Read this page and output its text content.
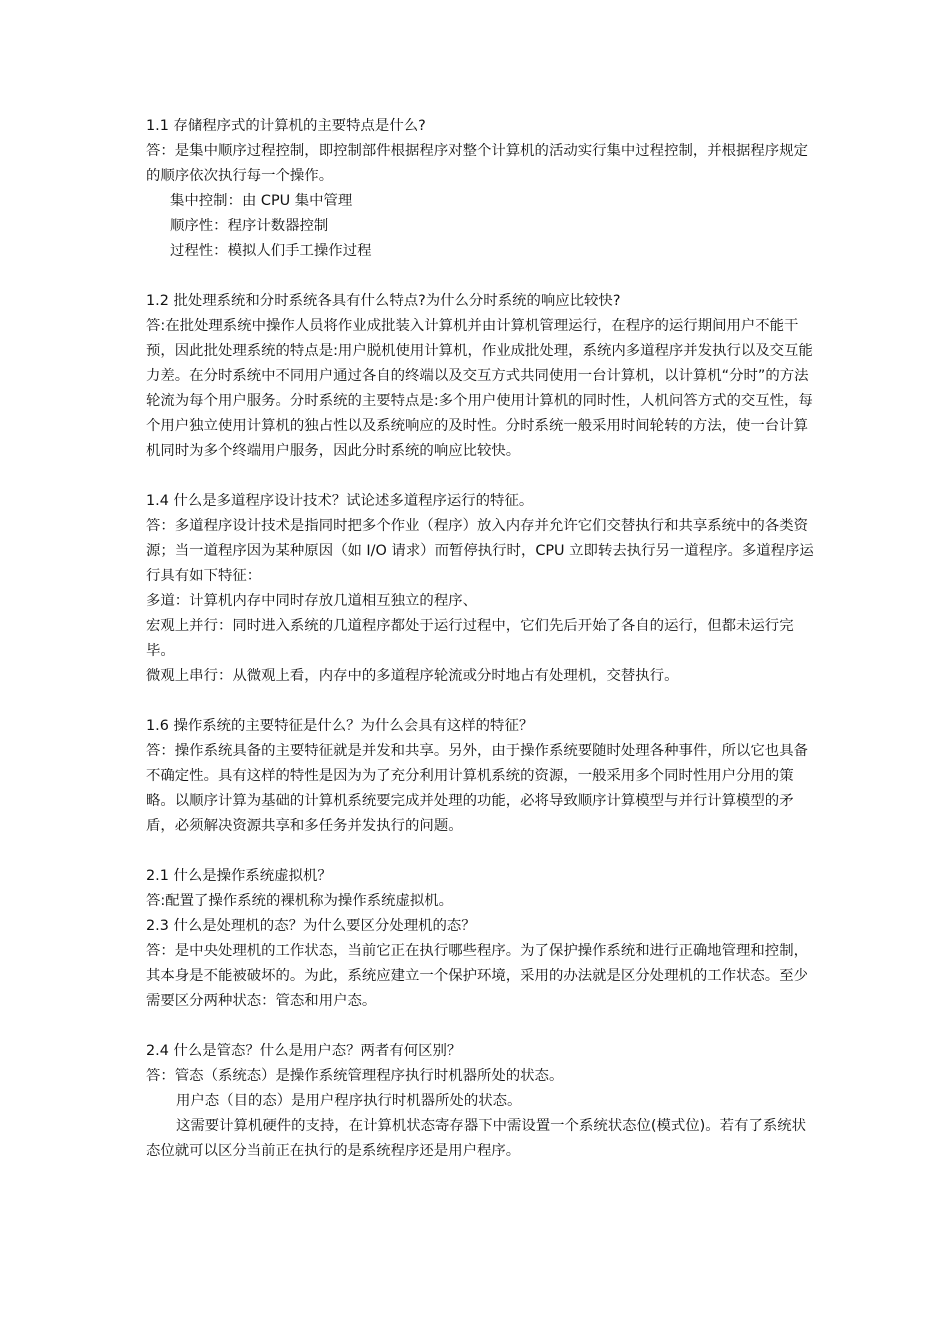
1.1 存储程序式的计算机的主要特点是什么?

答：是集中顺序过程控制，即控制部件根据程序对整个计算机的活动实行集中过程控制，并根据程序规定的顺序依次执行每一个操作。

集中控制：由 CPU 集中管理

顺序性：程序计数器控制

过程性：模拟人们手工操作过程

1.2 批处理系统和分时系统各具有什么特点?为什么分时系统的响应比较快?

答:在批处理系统中操作人员将作业成批装入计算机并由计算机管理运行，在程序的运行期间用户不能干预，因此批处理系统的特点是:用户脱机使用计算机，作业成批处理，系统内多道程序并发执行以及交互能力差。在分时系统中不同用户通过各自的终端以及交互方式共同使用一台计算机，以计算机“分时”的方法轮流为每个用户服务。分时系统的主要特点是:多个用户使用计算机的同时性，人机问答方式的交互性，每个用户独立使用计算机的独占性以及系统响应的及时性。分时系统一般采用时间轮转的方法，使一台计算机同时为多个终端用户服务，因此分时系统的响应比较快。

1.4 什么是多道程序设计技术？试论述多道程序运行的特征。

答：多道程序设计技术是指同时把多个作业（程序）放入内存并允许它们交替执行和共享系统中的各类资源；当一道程序因为某种原因（如 I/O 请求）而暂停执行时，CPU 立即转去执行另一道程序。多道程序运行具有如下特征：

多道：计算机内存中同时存放几道相互独立的程序、

宏观上并行：同时进入系统的几道程序都处于运行过程中，它们先后开始了各自的运行，但都未运行完毕。

微观上串行：从微观上看，内存中的多道程序轮流或分时地占有处理机，交替执行。

1.6 操作系统的主要特征是什么？为什么会具有这样的特征？

答：操作系统具备的主要特征就是并发和共享。另外，由于操作系统要随时处理各种事件，所以它也具备不确定性。具有这样的特性是因为为了充分利用计算机系统的资源，一般采用多个同时性用户分用的策略。以顺序计算为基础的计算机系统要完成并处理的功能，必将导致顺序计算模型与并行计算模型的矛盾，必须解决资源共享和多任务并发执行的问题。

2.1 什么是操作系统虚拟机？

答:配置了操作系统的裸机称为操作系统虚拟机。

2.3 什么是处理机的态？为什么要区分处理机的态？

答：是中央处理机的工作状态，当前它正在执行哪些程序。为了保护操作系统和进行正确地管理和控制，其本身是不能被破坏的。为此，系统应建立一个保护环境，采用的办法就是区分处理机的工作状态。至少需要区分两种状态：管态和用户态。

2.4 什么是管态？什么是用户态？两者有何区别？

答：管态（系统态）是操作系统管理程序执行时机器所处的状态。

用户态（目的态）是用户程序执行时机器所处的状态。

这需要计算机硬件的支持，在计算机状态寄存器下中需设置一个系统状态位(模式位)。若有了系统状态位就可以区分当前正在执行的是系统程序还是用户程序。
